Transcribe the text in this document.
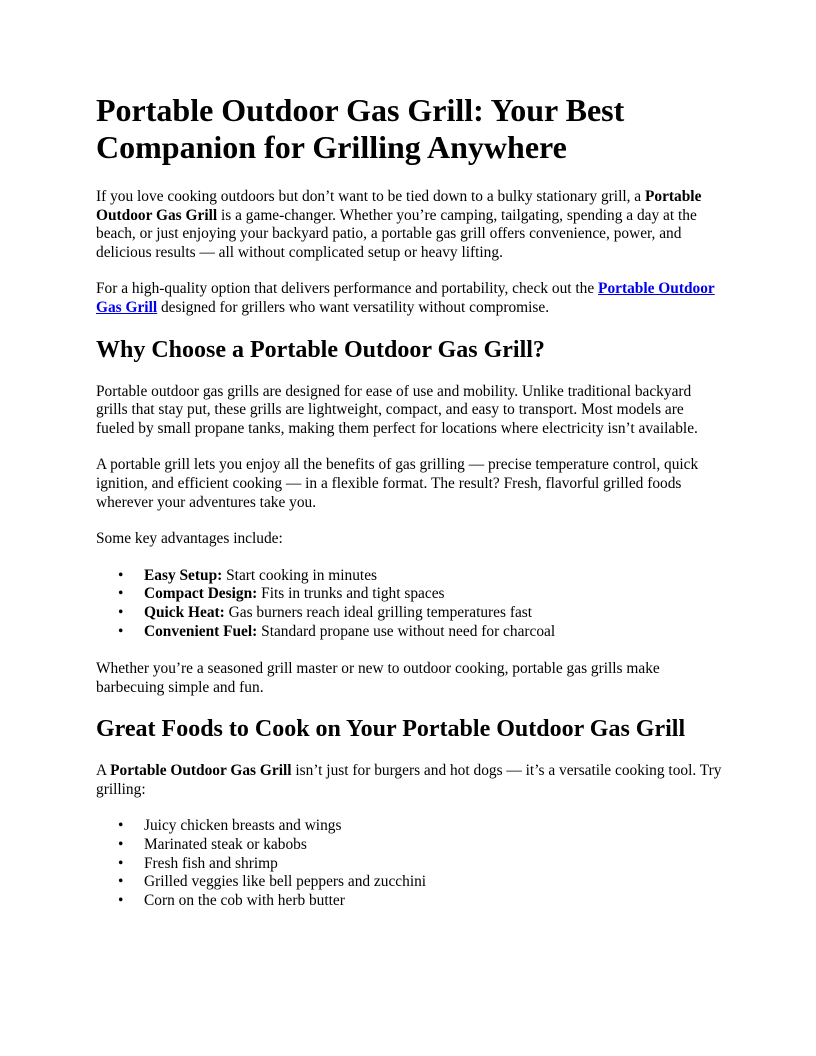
Portable Outdoor Gas Grill: Your Best Companion for Grilling Anywhere

If you love cooking outdoors but don’t want to be tied down to a bulky stationary grill, a Portable Outdoor Gas Grill is a game-changer. Whether you’re camping, tailgating, spending a day at the beach, or just enjoying your backyard patio, a portable gas grill offers convenience, power, and delicious results — all without complicated setup or heavy lifting.

For a high-quality option that delivers performance and portability, check out the Portable Outdoor Gas Grill designed for grillers who want versatility without compromise.

Why Choose a Portable Outdoor Gas Grill?

Portable outdoor gas grills are designed for ease of use and mobility. Unlike traditional backyard grills that stay put, these grills are lightweight, compact, and easy to transport. Most models are fueled by small propane tanks, making them perfect for locations where electricity isn’t available.

A portable grill lets you enjoy all the benefits of gas grilling — precise temperature control, quick ignition, and efficient cooking — in a flexible format. The result? Fresh, flavorful grilled foods wherever your adventures take you.

Some key advantages include:

• Easy Setup: Start cooking in minutes
• Compact Design: Fits in trunks and tight spaces
• Quick Heat: Gas burners reach ideal grilling temperatures fast
• Convenient Fuel: Standard propane use without need for charcoal

Whether you’re a seasoned grill master or new to outdoor cooking, portable gas grills make barbecuing simple and fun.

Great Foods to Cook on Your Portable Outdoor Gas Grill

A Portable Outdoor Gas Grill isn’t just for burgers and hot dogs — it’s a versatile cooking tool. Try grilling:

• Juicy chicken breasts and wings
• Marinated steak or kabobs
• Fresh fish and shrimp
• Grilled veggies like bell peppers and zucchini
• Corn on the cob with herb butter
